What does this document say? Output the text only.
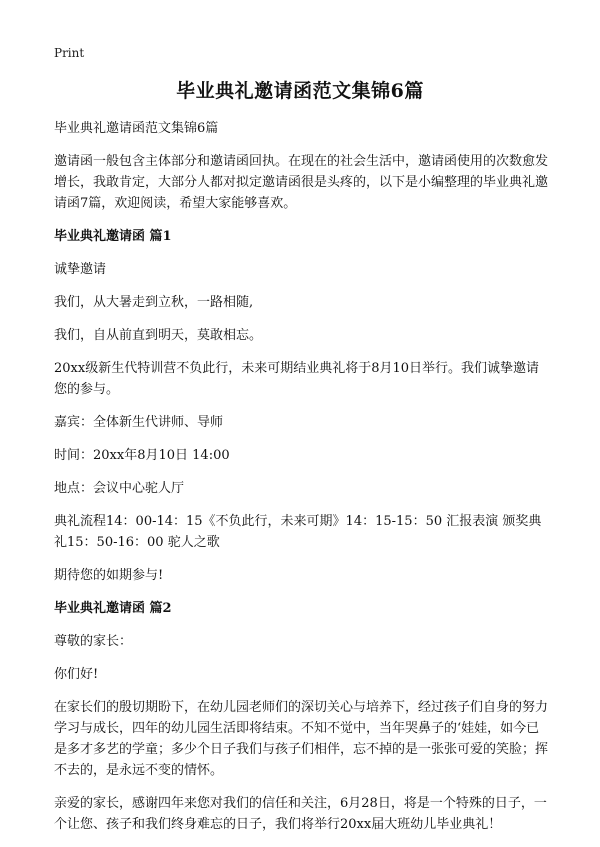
Print
毕业典礼邀请函范文集锦6篇

毕业典礼邀请函范文集锦6篇

邀请函一般包含主体部分和邀请函回执。在现在的社会生活中，邀请函使用的次数愈发增长，我敢肯定，大部分人都对拟定邀请函很是头疼的，以下是小编整理的毕业典礼邀请函7篇，欢迎阅读，希望大家能够喜欢。

毕业典礼邀请函 篇1

诚挚邀请

我们，从大暑走到立秋，一路相随,

我们，自从前直到明天，莫敢相忘。

20xx级新生代特训营不负此行，未来可期结业典礼将于8月10日举行。我们诚挚邀请您的参与。

嘉宾：全体新生代讲师、导师

时间：20xx年8月10日 14:00

地点：会议中心驼人厅

典礼流程14：00-14：15《不负此行，未来可期》14：15-15：50 汇报表演 颁奖典礼15：50-16：00 驼人之歌

期待您的如期参与!

毕业典礼邀请函 篇2

尊敬的家长：

你们好!

在家长们的殷切期盼下，在幼儿园老师们的深切关心与培养下，经过孩子们自身的努力学习与成长，四年的幼儿园生活即将结束。不知不觉中，当年哭鼻子的‘娃娃，如今已是多才多艺的学童；多少个日子我们与孩子们相伴，忘不掉的是一张张可爱的笑脸；挥不去的，是永远不变的情怀。

亲爱的家长，感谢四年来您对我们的信任和关注，6月28日，将是一个特殊的日子，一个让您、孩子和我们终身难忘的日子，我们将举行20xx届大班幼儿毕业典礼！
